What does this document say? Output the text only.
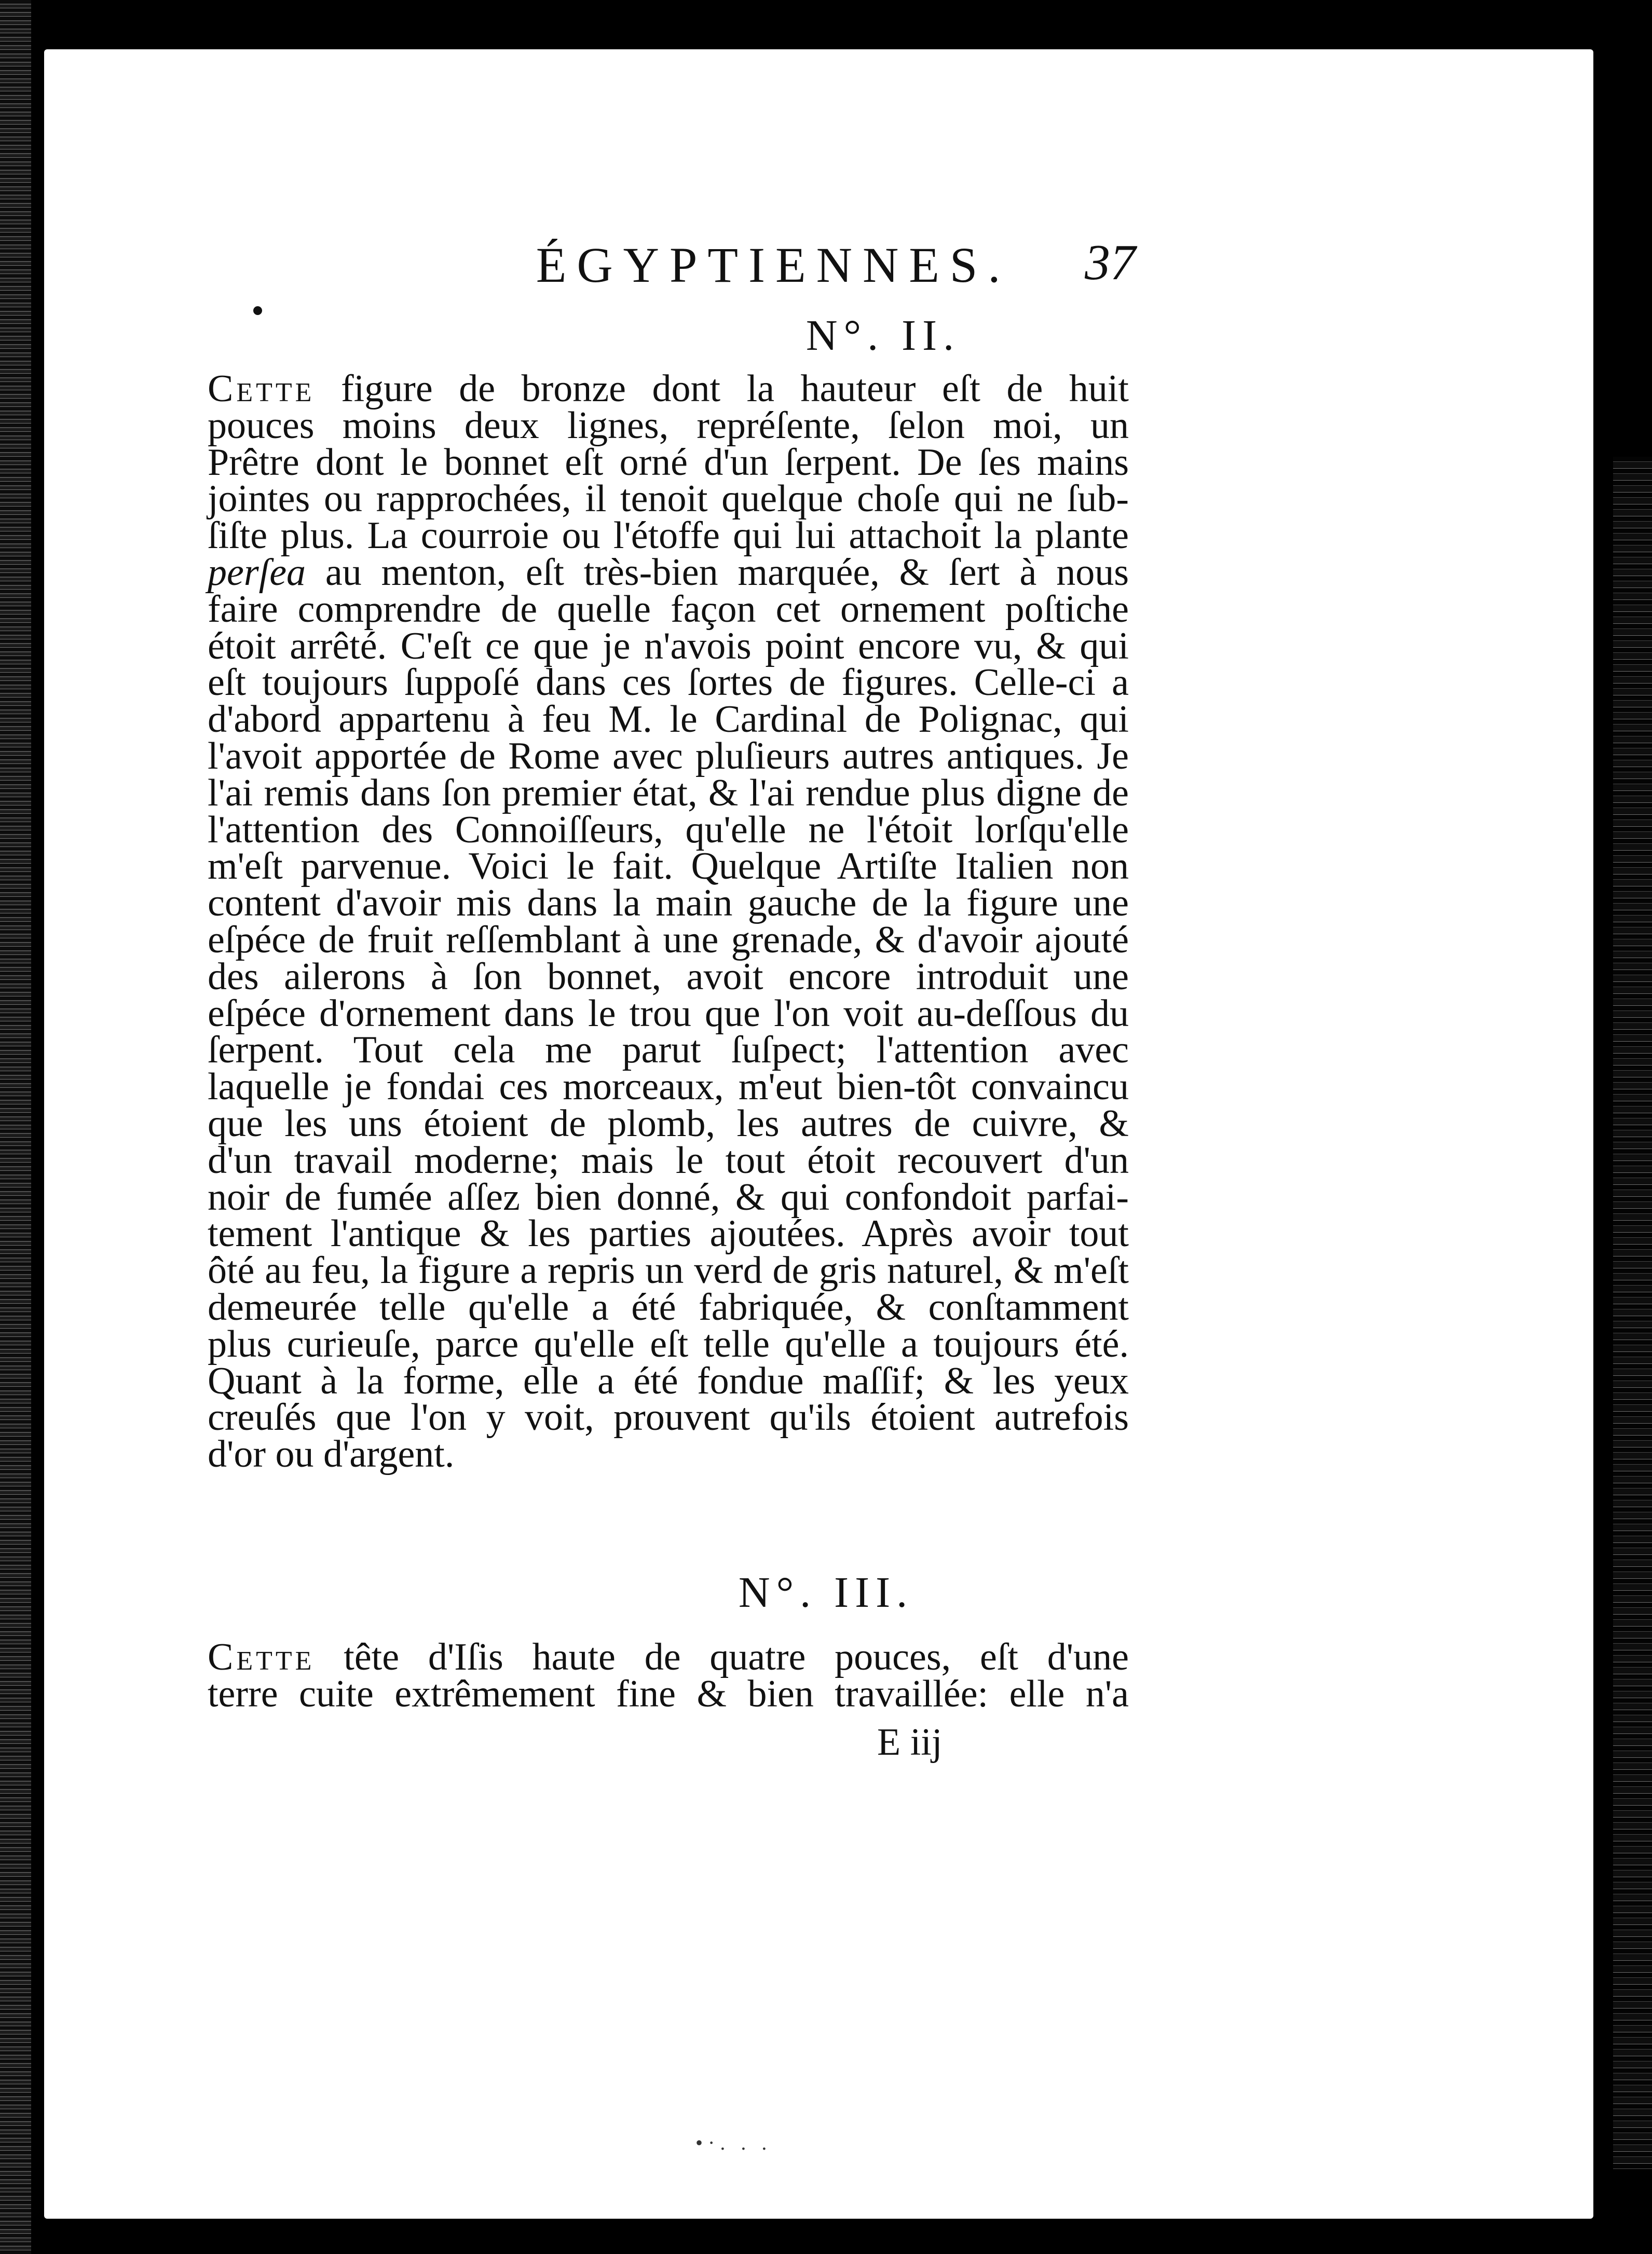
ÉGYPTIENNES.	37
N°. II.
Cette figure de bronze dont la hauteur eſt de huit
pouces moins deux lignes, repréſente, ſelon moi, un
Prêtre dont le bonnet eſt orné d'un ſerpent. De ſes mains
jointes ou rapprochées, il tenoit quelque choſe qui ne ſub-
ſiſte plus. La courroie ou l'étoffe qui lui attachoit la plante
perſea au menton, eſt très-bien marquée, & ſert à nous
faire comprendre de quelle façon cet ornement poſtiche
étoit arrêté. C'eſt ce que je n'avois point encore vu, & qui
eſt toujours ſuppoſé dans ces ſortes de figures. Celle-ci a
d'abord appartenu à feu M. le Cardinal de Polignac, qui
l'avoit apportée de Rome avec pluſieurs autres antiques. Je
l'ai remis dans ſon premier état, & l'ai rendue plus digne de
l'attention des Connoiſſeurs, qu'elle ne l'étoit lorſqu'elle
m'eſt parvenue. Voici le fait. Quelque Artiſte Italien non
content d'avoir mis dans la main gauche de la figure une
eſpéce de fruit reſſemblant à une grenade, & d'avoir ajouté
des ailerons à ſon bonnet, avoit encore introduit une
eſpéce d'ornement dans le trou que l'on voit au-deſſous du
ſerpent. Tout cela me parut ſuſpect; l'attention avec
laquelle je fondai ces morceaux, m'eut bien-tôt convaincu
que les uns étoient de plomb, les autres de cuivre, &
d'un travail moderne; mais le tout étoit recouvert d'un
noir de fumée aſſez bien donné, & qui confondoit parfai-
tement l'antique & les parties ajoutées. Après avoir tout
ôté au feu, la figure a repris un verd de gris naturel, & m'eſt
demeurée telle qu'elle a été fabriquée, & conſtamment
plus curieuſe, parce qu'elle eſt telle qu'elle a toujours été.
Quant à la forme, elle a été fondue maſſif; & les yeux
creuſés que l'on y voit, prouvent qu'ils étoient autrefois
d'or ou d'argent.
N°. III.
Cette tête d'Iſis haute de quatre pouces, eſt d'une
terre cuite extrêmement fine & bien travaillée: elle n'a
E iij
•·. . .
